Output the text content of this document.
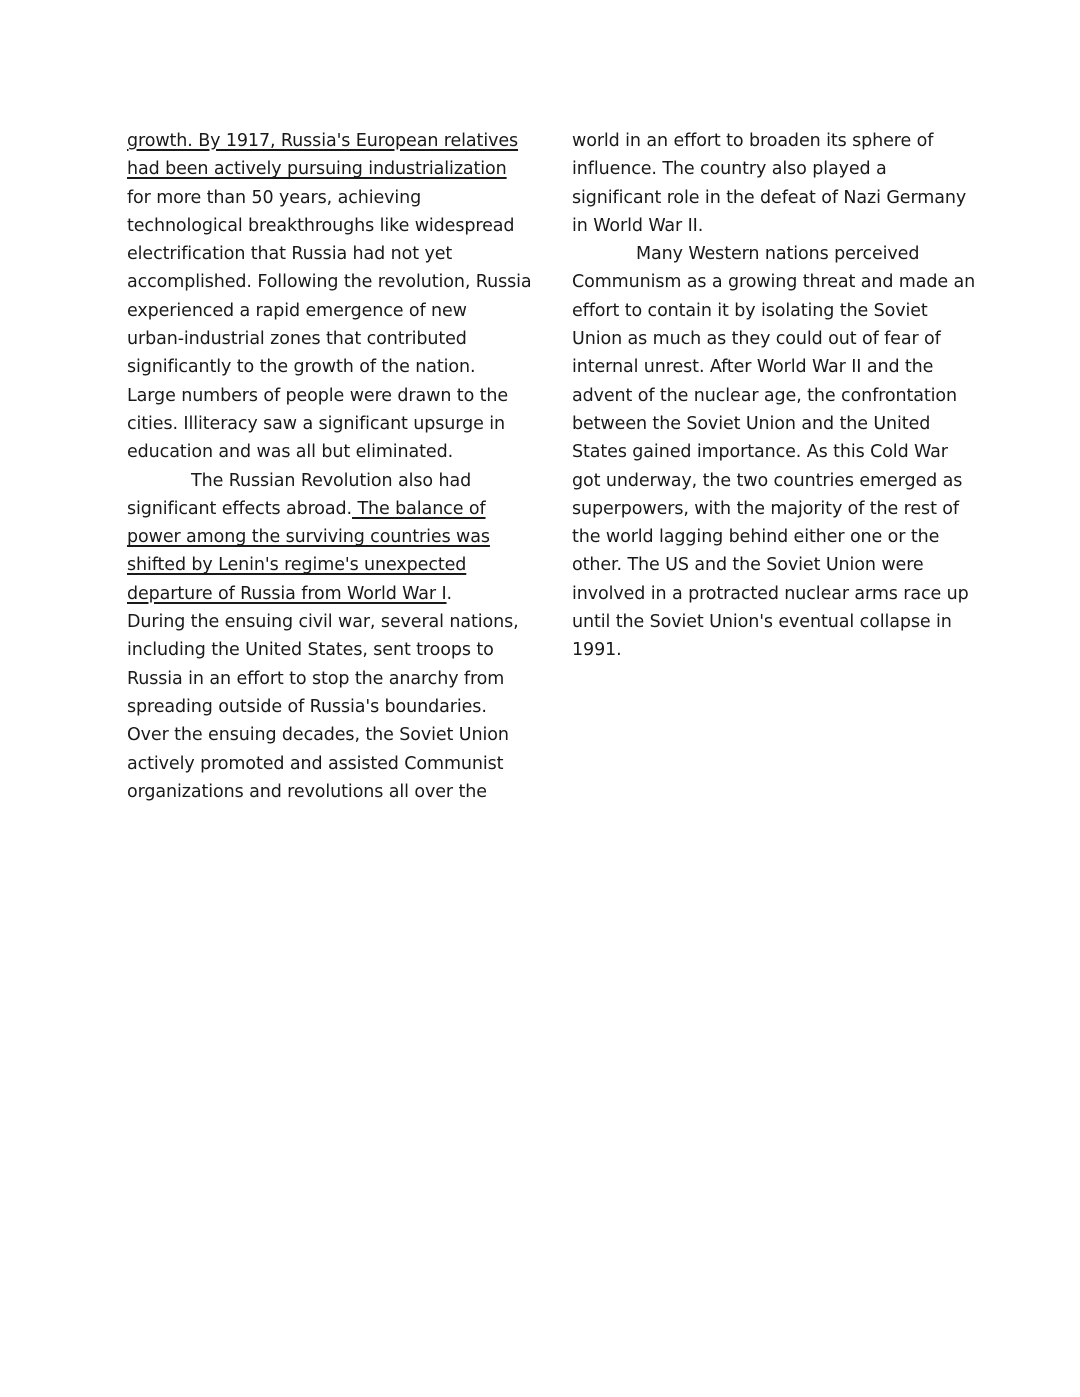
growth. By 1917, Russia's European relatives
had been actively pursuing industrialization
for more than 50 years, achieving
technological breakthroughs like widespread
electrification that Russia had not yet
accomplished. Following the revolution, Russia
experienced a rapid emergence of new
urban-industrial zones that contributed
significantly to the growth of the nation.
Large numbers of people were drawn to the
cities. Illiteracy saw a significant upsurge in
education and was all but eliminated.
The Russian Revolution also had
significant effects abroad. The balance of
power among the surviving countries was
shifted by Lenin's regime's unexpected
departure of Russia from World War I.
During the ensuing civil war, several nations,
including the United States, sent troops to
Russia in an effort to stop the anarchy from
spreading outside of Russia's boundaries.
Over the ensuing decades, the Soviet Union
actively promoted and assisted Communist
organizations and revolutions all over the
world in an effort to broaden its sphere of
influence. The country also played a
significant role in the defeat of Nazi Germany
in World War II.
Many Western nations perceived
Communism as a growing threat and made an
effort to contain it by isolating the Soviet
Union as much as they could out of fear of
internal unrest. After World War II and the
advent of the nuclear age, the confrontation
between the Soviet Union and the United
States gained importance. As this Cold War
got underway, the two countries emerged as
superpowers, with the majority of the rest of
the world lagging behind either one or the
other. The US and the Soviet Union were
involved in a protracted nuclear arms race up
until the Soviet Union's eventual collapse in
1991.
